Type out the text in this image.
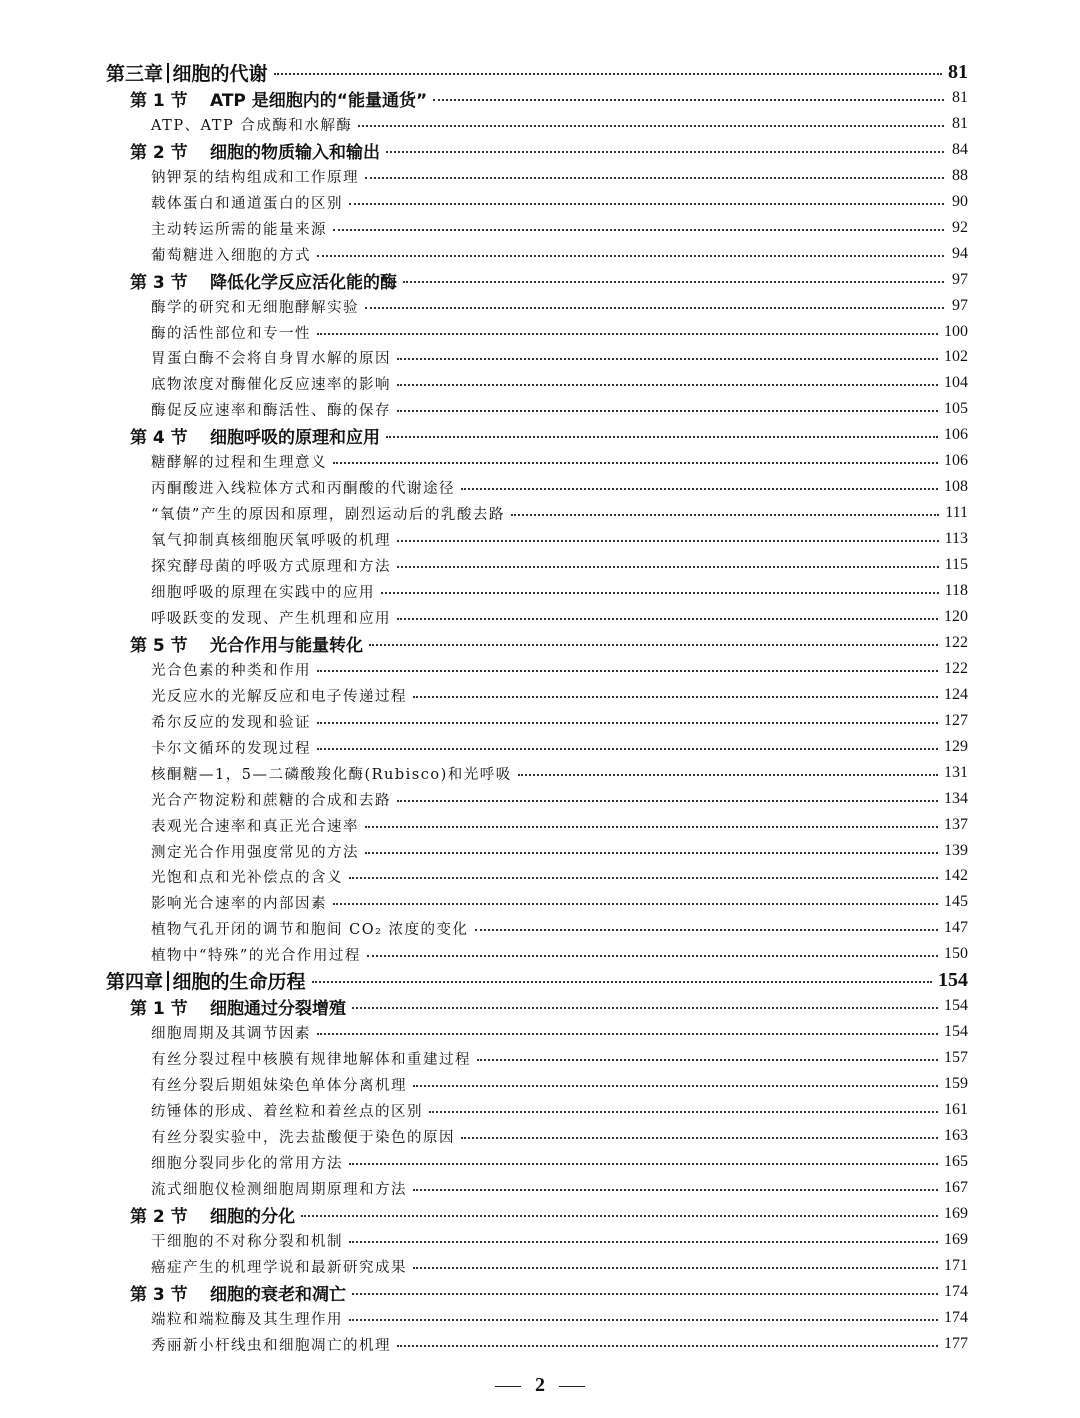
第三章 细胞的代谢	81
第 1 节 ATP 是细胞内的“能量通货”	81
ATP、ATP 合成酶和水解酶	81
第 2 节 细胞的物质输入和输出	84
钠钾泵的结构组成和工作原理	88
载体蛋白和通道蛋白的区别	90
主动转运所需的能量来源	92
葡萄糖进入细胞的方式	94
第 3 节 降低化学反应活化能的酶	97
酶学的研究和无细胞酵解实验	97
酶的活性部位和专一性	100
胃蛋白酶不会将自身胃水解的原因	102
底物浓度对酶催化反应速率的影响	104
酶促反应速率和酶活性、酶的保存	105
第 4 节 细胞呼吸的原理和应用	106
糖酵解的过程和生理意义	106
丙酮酸进入线粒体方式和丙酮酸的代谢途径	108
“氧债”产生的原因和原理，剧烈运动后的乳酸去路	111
氧气抑制真核细胞厌氧呼吸的机理	113
探究酵母菌的呼吸方式原理和方法	115
细胞呼吸的原理在实践中的应用	118
呼吸跃变的发现、产生机理和应用	120
第 5 节 光合作用与能量转化	122
光合色素的种类和作用	122
光反应水的光解反应和电子传递过程	124
希尔反应的发现和验证	127
卡尔文循环的发现过程	129
核酮糖—1，5—二磷酸羧化酶(Rubisco)和光呼吸	131
光合产物淀粉和蔗糖的合成和去路	134
表观光合速率和真正光合速率	137
测定光合作用强度常见的方法	139
光饱和点和光补偿点的含义	142
影响光合速率的内部因素	145
植物气孔开闭的调节和胞间 CO₂ 浓度的变化	147
植物中“特殊”的光合作用过程	150
第四章 细胞的生命历程	154
第 1 节 细胞通过分裂增殖	154
细胞周期及其调节因素	154
有丝分裂过程中核膜有规律地解体和重建过程	157
有丝分裂后期姐妹染色单体分离机理	159
纺锤体的形成、着丝粒和着丝点的区别	161
有丝分裂实验中，洗去盐酸便于染色的原因	163
细胞分裂同步化的常用方法	165
流式细胞仪检测细胞周期原理和方法	167
第 2 节 细胞的分化	169
干细胞的不对称分裂和机制	169
癌症产生的机理学说和最新研究成果	171
第 3 节 细胞的衰老和凋亡	174
端粒和端粒酶及其生理作用	174
秀丽新小杆线虫和细胞凋亡的机理	177
2
